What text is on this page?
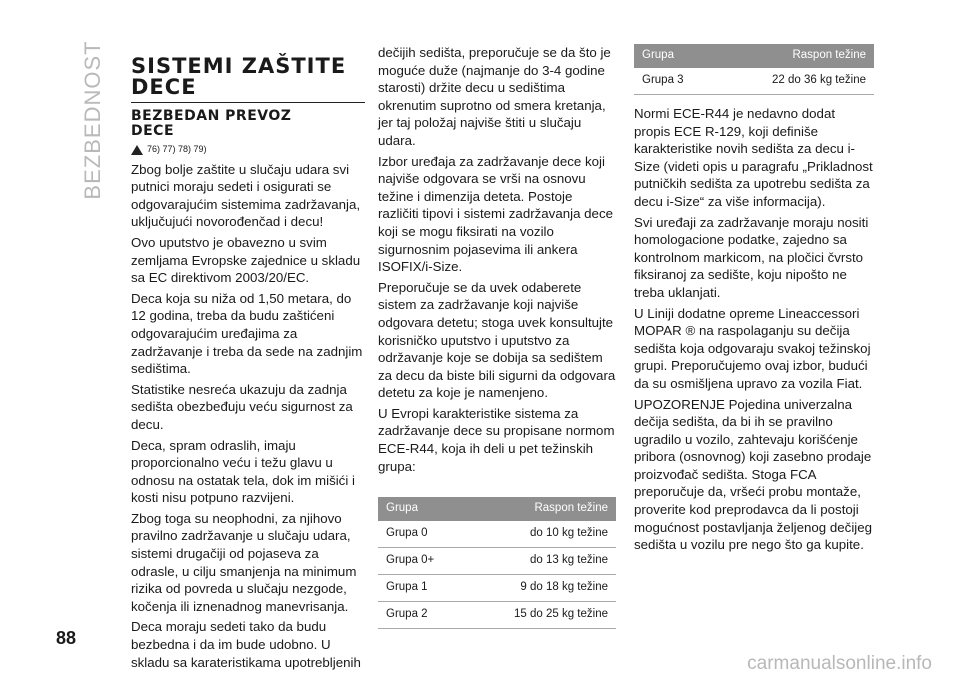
BEZBEDNOST SISTEMI ZAŠTITE
DECE
BEZBEDAN PREVOZ
DECE
76) 77) 78) 79)

Zbog bolje zaštite u slučaju udara svi putnici moraju sedeti i osigurati se odgovarajućim sistemima zadržavanja, uključujući novorođenčad i decu!

Ovo uputstvo je obavezno u svim zemljama Evropske zajednice u skladu sa EC direktivom 2003/20/EC.

Deca koja su niža od 1,50 metara, do 12 godina, treba da budu zaštićeni odgovarajućim uređajima za zadržavanje i treba da sede na zadnjim sedištima.

Statistike nesreća ukazuju da zadnja sedišta obezbeđuju veću sigurnost za decu.

Deca, spram odraslih, imaju proporcionalno veću i težu glavu u odnosu na ostatak tela, dok im mišići i kosti nisu potpuno razvijeni.

Zbog toga su neophodni, za njihovo pravilno zadržavanje u slučaju udara, sistemi drugačiji od pojaseva za odrasle, u cilju smanjenja na minimum rizika od povreda u slučaju nezgode, kočenja ili iznenadnog manevrisanja.

Deca moraju sedeti tako da budu bezbedna i da im bude udobno. U skladu sa karateristikama upotrebljenih

dečijih sedišta, preporučuje se da što je moguće duže (najmanje do 3-4 godine starosti) držite decu u sedištima okrenutim suprotno od smera kretanja, jer taj položaj najviše štiti u slučaju udara.

Izbor uređaja za zadržavanje dece koji najviše odgovara se vrši na osnovu težine i dimenzija deteta. Postoje različiti tipovi i sistemi zadržavanja dece koji se mogu fiksirati na vozilo sigurnosnim pojasevima ili ankera ISOFIX/i-Size.

Preporučuje se da uvek odaberete sistem za zadržavanje koji najviše odgovara detetu; stoga uvek konsultujte korisničko uputstvo i uputstvo za održavanje koje se dobija sa sedištem za decu da biste bili sigurni da odgovara detetu za koje je namenjeno.

U Evropi karakteristike sistema za zadržavanje dece su propisane normom ECE-R44, koja ih deli u pet težinskih grupa:

Grupa	Raspon težine
Grupa 0	do 10 kg težine
Grupa 0+	do 13 kg težine
Grupa 1	9 do 18 kg težine
Grupa 2	15 do 25 kg težine
Grupa	Raspon težine
Grupa 3	22 do 36 kg težine

Normi ECE-R44 je nedavno dodat propis ECE R-129, koji definiše karakteristike novih sedišta za decu i-Size (videti opis u paragrafu „Prikladnost putničkih sedišta za upotrebu sedišta za decu i-Size“ za više informacija).

Svi uređaji za zadržavanje moraju nositi homologacione podatke, zajedno sa kontrolnom markicom, na pločici čvrsto fiksiranoj za sedište, koju nipošto ne treba uklanjati.

U Liniji dodatne opreme Lineaccessori MOPAR ® na raspolaganju su dečija sedišta koja odgovaraju svakoj težinskoj grupi. Preporučujemo ovaj izbor, budući da su osmišljena upravo za vozila Fiat.

UPOZORENJE Pojedina univerzalna dečija sedišta, da bi ih se pravilno ugradilo u vozilo, zahtevaju korišćenje pribora (osnovnog) koji zasebno prodaje proizvođač sedišta. Stoga FCA preporučuje da, vršeći probu montaže, proverite kod preprodavca da li postoji mogućnost postavljanja željenog dečijeg sedišta u vozilu pre nego što ga kupite.

88
carmanualsonline.info
